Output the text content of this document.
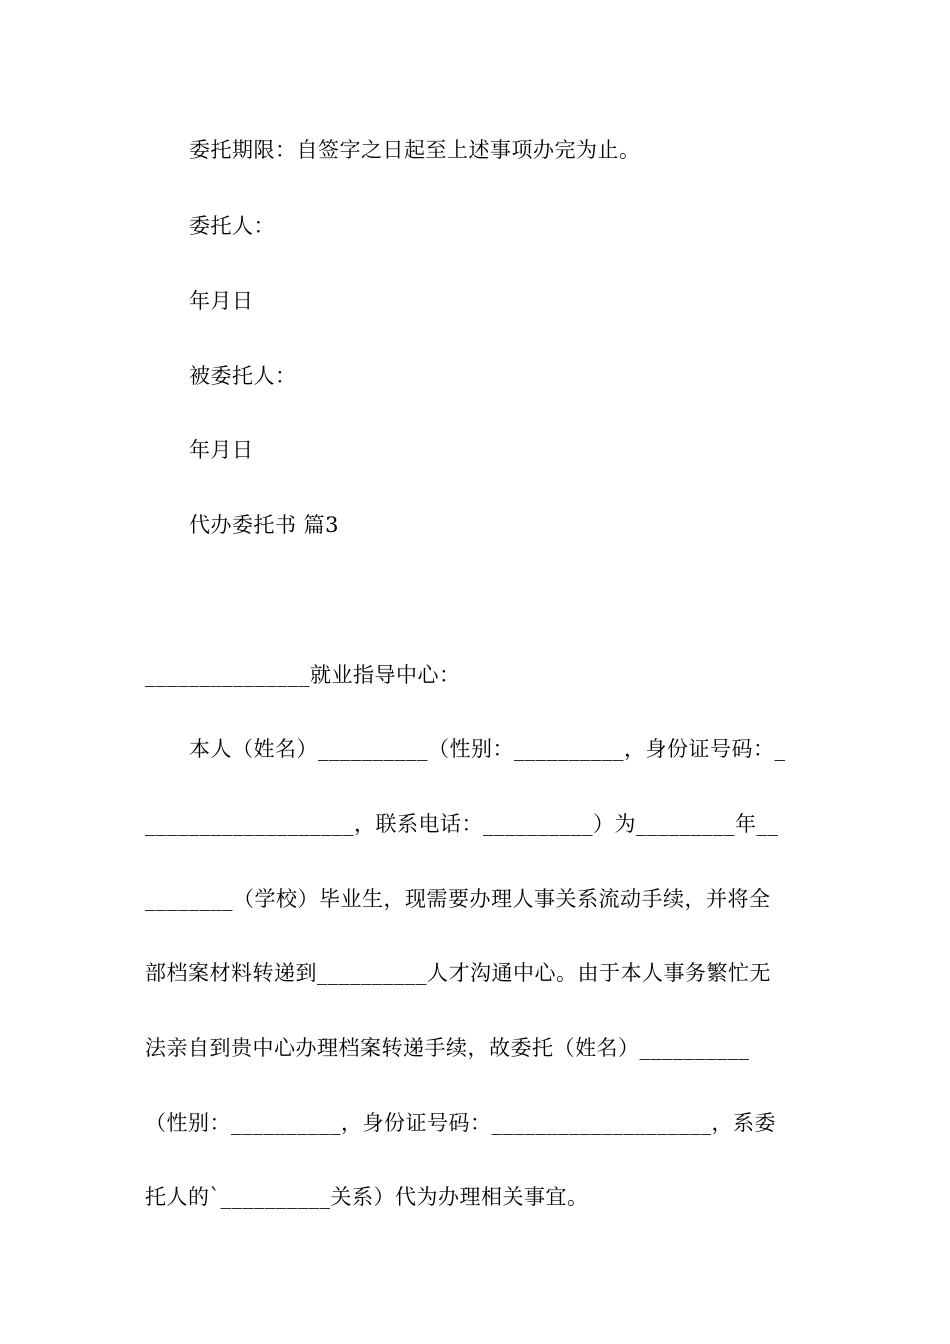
委托期限：自签字之日起至上述事项办完为止。
委托人：
年月日
被委托人：
年月日
代办委托书 篇3
_______________就业指导中心：
本人（姓名）__________（性别：__________，身份证号码：_
___________________，联系电话：__________）为_________年__
________（学校）毕业生，现需要办理人事关系流动手续，并将全
部档案材料转递到__________人才沟通中心。由于本人事务繁忙无
法亲自到贵中心办理档案转递手续，故委托（姓名）__________
（性别：__________，身份证号码：____________________，系委
托人的`__________关系）代为办理相关事宜。
